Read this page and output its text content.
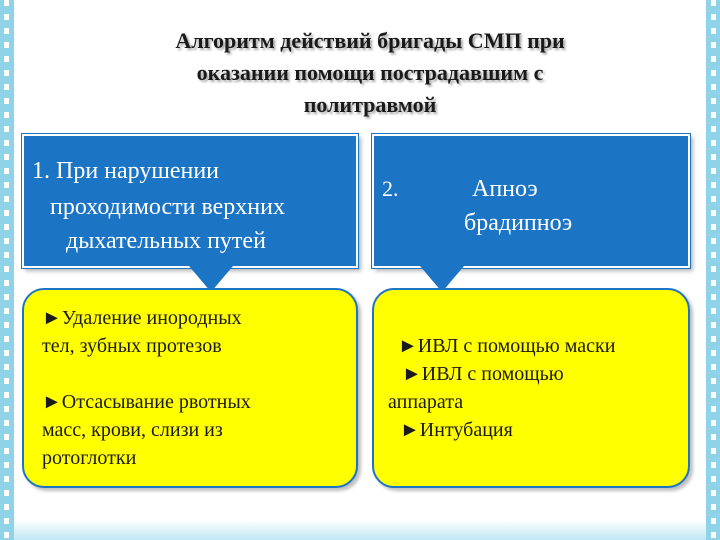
Алгоритм действий бригады СМП при
оказании помощи пострадавшим с
политравмой
1. При нарушении
проходимости верхних
дыхательных путей
2.	Апноэ
брадипноэ
►Удаление инородных
тел, зубных протезов
►Отсасывание рвотных
масс, крови, слизи из
ротоглотки
►ИВЛ с помощью маски
►ИВЛ с помощью
аппарата
►Интубация
